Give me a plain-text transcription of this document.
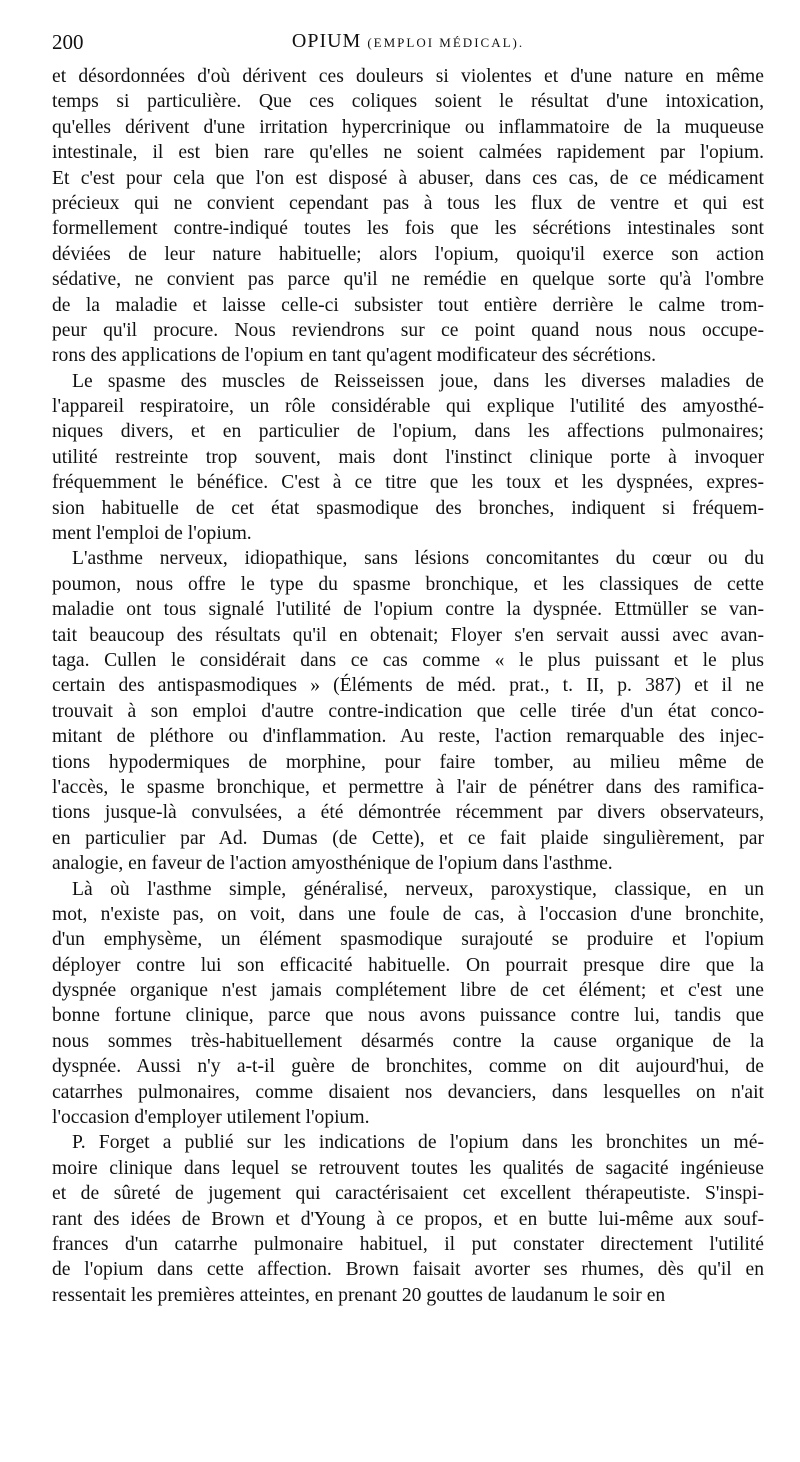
200	OPIUM (EMPLOI MÉDICAL).
et désordonnées d'où dérivent ces douleurs si violentes et d'une nature en même
temps si particulière. Que ces coliques soient le résultat d'une intoxication,
qu'elles dérivent d'une irritation hypercrinique ou inflammatoire de la muqueuse
intestinale, il est bien rare qu'elles ne soient calmées rapidement par l'opium.
Et c'est pour cela que l'on est disposé à abuser, dans ces cas, de ce médicament
précieux qui ne convient cependant pas à tous les flux de ventre et qui est
formellement contre-indiqué toutes les fois que les sécrétions intestinales sont
déviées de leur nature habituelle; alors l'opium, quoiqu'il exerce son action
sédative, ne convient pas parce qu'il ne remédie en quelque sorte qu'à l'ombre
de la maladie et laisse celle-ci subsister tout entière derrière le calme trom-
peur qu'il procure. Nous reviendrons sur ce point quand nous nous occupe-
rons des applications de l'opium en tant qu'agent modificateur des sécrétions.
Le spasme des muscles de Reisseissen joue, dans les diverses maladies de
l'appareil respiratoire, un rôle considérable qui explique l'utilité des amyosthé-
niques divers, et en particulier de l'opium, dans les affections pulmonaires;
utilité restreinte trop souvent, mais dont l'instinct clinique porte à invoquer
fréquemment le bénéfice. C'est à ce titre que les toux et les dyspnées, expres-
sion habituelle de cet état spasmodique des bronches, indiquent si fréquem-
ment l'emploi de l'opium.
L'asthme nerveux, idiopathique, sans lésions concomitantes du cœur ou du
poumon, nous offre le type du spasme bronchique, et les classiques de cette
maladie ont tous signalé l'utilité de l'opium contre la dyspnée. Ettmüller se van-
tait beaucoup des résultats qu'il en obtenait; Floyer s'en servait aussi avec avan-
taga. Cullen le considérait dans ce cas comme « le plus puissant et le plus
certain des antispasmodiques » (Éléments de méd. prat., t. II, p. 387) et il ne
trouvait à son emploi d'autre contre-indication que celle tirée d'un état conco-
mitant de pléthore ou d'inflammation. Au reste, l'action remarquable des injec-
tions hypodermiques de morphine, pour faire tomber, au milieu même de
l'accès, le spasme bronchique, et permettre à l'air de pénétrer dans des ramifica-
tions jusque-là convulsées, a été démontrée récemment par divers observateurs,
en particulier par Ad. Dumas (de Cette), et ce fait plaide singulièrement, par
analogie, en faveur de l'action amyosthénique de l'opium dans l'asthme.
Là où l'asthme simple, généralisé, nerveux, paroxystique, classique, en un
mot, n'existe pas, on voit, dans une foule de cas, à l'occasion d'une bronchite,
d'un emphysème, un élément spasmodique surajouté se produire et l'opium
déployer contre lui son efficacité habituelle. On pourrait presque dire que la
dyspnée organique n'est jamais complétement libre de cet élément; et c'est une
bonne fortune clinique, parce que nous avons puissance contre lui, tandis que
nous sommes très-habituellement désarmés contre la cause organique de la
dyspnée. Aussi n'y a-t-il guère de bronchites, comme on dit aujourd'hui, de
catarrhes pulmonaires, comme disaient nos devanciers, dans lesquelles on n'ait
l'occasion d'employer utilement l'opium.
P. Forget a publié sur les indications de l'opium dans les bronchites un mé-
moire clinique dans lequel se retrouvent toutes les qualités de sagacité ingénieuse
et de sûreté de jugement qui caractérisaient cet excellent thérapeutiste. S'inspi-
rant des idées de Brown et d'Young à ce propos, et en butte lui-même aux souf-
frances d'un catarrhe pulmonaire habituel, il put constater directement l'utilité
de l'opium dans cette affection. Brown faisait avorter ses rhumes, dès qu'il en
ressentait les premières atteintes, en prenant 20 gouttes de laudanum le soir en
